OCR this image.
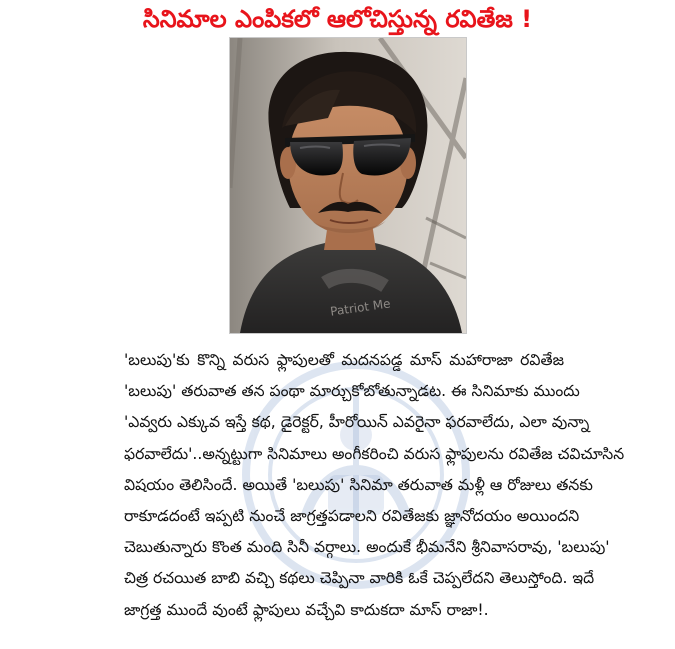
సినిమాల ఎంపికలో ఆలోచిస్తున్న రవితేజ !
Patriot Me
'బలుపు'కు కొన్ని వరుస ఫ్లాపులతో మదనపడ్డ మాస్ మహారాజా రవితేజ
'బలుపు' తరువాత తన పంథా మార్చుకోబోతున్నాడట. ఈ సినిమాకు ముందు
'ఎవ్వరు ఎక్కువ ఇస్తే కథ, డైరెక్టర్, హీరోయిన్ ఎవరైనా ఫరవాలేదు, ఎలా వున్నా
ఫరవాలేదు'..అన్నట్టుగా సినిమాలు అంగీకరించి వరుస ఫ్లాపులను రవితేజ చవిచూసిన
విషయం తెలిసిందే. అయితే 'బలుపు' సినిమా తరువాత మళ్లీ ఆ రోజులు తనకు
రాకూడదంటే ఇప్పటి నుంచే జాగ్రత్తపడాలని రవితేజకు జ్ఞానోదయం అయిందని
చెబుతున్నారు కొంత మంది సినీ వర్గాలు. అందుకే భీమనేని శ్రీనివాసరావు, 'బలుపు'
చిత్ర రచయిత బాబి వచ్చి కథలు చెప్పినా వారికి ఓకే చెప్పలేదని తెలుస్తోంది. ఇదే
జాగ్రత్త ముందే వుంటే ఫ్లాపులు వచ్చేవి కాదుకదా మాస్ రాజా!.
